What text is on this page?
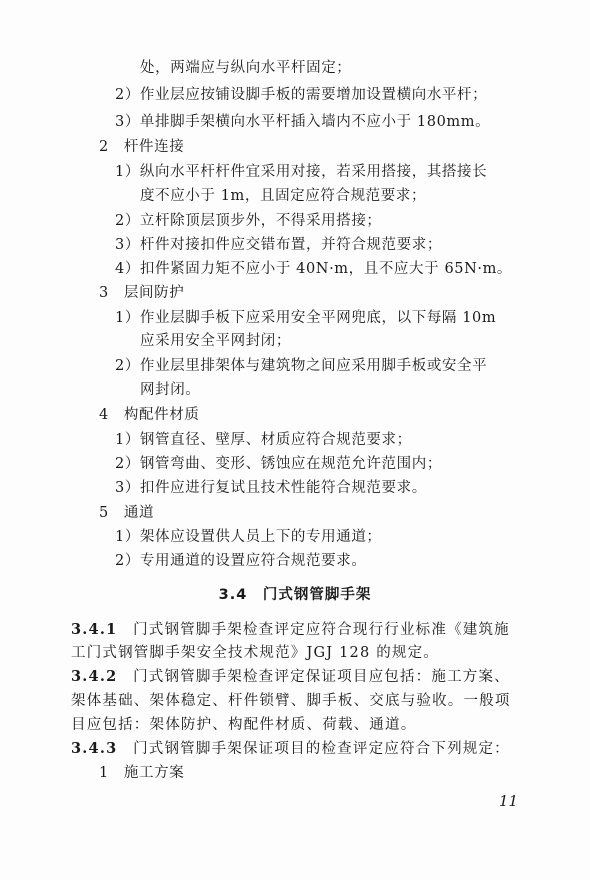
处，两端应与纵向水平杆固定；
2）作业层应按铺设脚手板的需要增加设置横向水平杆；
3）单排脚手架横向水平杆插入墙内不应小于 180mm。
2　杆件连接
1）纵向水平杆杆件宜采用对接，若采用搭接，其搭接长
度不应小于 1m，且固定应符合规范要求；
2）立杆除顶层顶步外，不得采用搭接；
3）杆件对接扣件应交错布置，并符合规范要求；
4）扣件紧固力矩不应小于 40N·m，且不应大于 65N·m。
3　层间防护
1）作业层脚手板下应采用安全平网兜底，以下每隔 10m
应采用安全平网封闭；
2）作业层里排架体与建筑物之间应采用脚手板或安全平
网封闭。
4　构配件材质
1）钢管直径、壁厚、材质应符合规范要求；
2）钢管弯曲、变形、锈蚀应在规范允许范围内；
3）扣件应进行复试且技术性能符合规范要求。
5　通道
1）架体应设置供人员上下的专用通道；
2）专用通道的设置应符合规范要求。
3.4　门式钢管脚手架
3.4.1　 门式钢管脚手架检查评定应符合现行行业标准《建筑施
工门式钢管脚手架安全技术规范》JGJ 128 的规定。
3.4.2　 门式钢管脚手架检查评定保证项目应包括：施工方案、
架体基础、架体稳定、杆件锁臂、脚手板、交底与验收。一般项
目应包括：架体防护、构配件材质、荷载、通道。
3.4.3　 门式钢管脚手架保证项目的检查评定应符合下列规定：
1　施工方案
11
